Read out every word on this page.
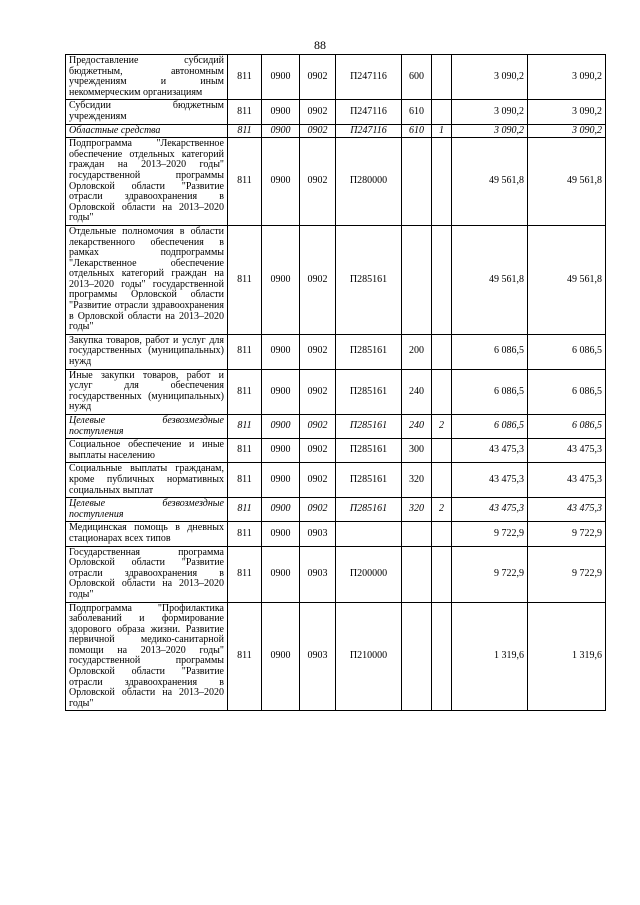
88
Предоставление субсидий бюджетным, автономным учреждениям и иным некоммерческим организациям	811	0900	0902	П247116	600		3 090,2	3 090,2
Субсидии бюджетным учреждениям	811	0900	0902	П247116	610		3 090,2	3 090,2
Областные средства	811	0900	0902	П247116	610	1	3 090,2	3 090,2
Подпрограмма "Лекарственное обеспечение отдельных категорий граждан на 2013–2020 годы" государственной программы Орловской области "Развитие отрасли здравоохранения в Орловской области на 2013–2020 годы"	811	0900	0902	П280000			49 561,8	49 561,8
Отдельные полномочия в области лекарственного обеспечения в рамках подпрограммы "Лекарственное обеспечение отдельных категорий граждан на 2013–2020 годы" государственной программы Орловской области "Развитие отрасли здравоохранения в Орловской области на 2013–2020 годы"	811	0900	0902	П285161			49 561,8	49 561,8
Закупка товаров, работ и услуг для государственных (муниципальных) нужд	811	0900	0902	П285161	200		6 086,5	6 086,5
Иные закупки товаров, работ и услуг для обеспечения государственных (муниципальных) нужд	811	0900	0902	П285161	240		6 086,5	6 086,5
Целевые безвозмездные поступления	811	0900	0902	П285161	240	2	6 086,5	6 086,5
Социальное обеспечение и иные выплаты населению	811	0900	0902	П285161	300		43 475,3	43 475,3
Социальные выплаты гражданам, кроме публичных нормативных социальных выплат	811	0900	0902	П285161	320		43 475,3	43 475,3
Целевые безвозмездные поступления	811	0900	0902	П285161	320	2	43 475,3	43 475,3
Медицинская помощь в дневных стационарах всех типов	811	0900	0903				9 722,9	9 722,9
Государственная программа Орловской области "Развитие отрасли здравоохранения в Орловской области на 2013–2020 годы"	811	0900	0903	П200000			9 722,9	9 722,9
Подпрограмма "Профилактика заболеваний и формирование здорового образа жизни. Развитие первичной медико-санитарной помощи на 2013–2020 годы" государственной программы Орловской области "Развитие отрасли здравоохранения в Орловской области на 2013–2020 годы"	811	0900	0903	П210000			1 319,6	1 319,6
